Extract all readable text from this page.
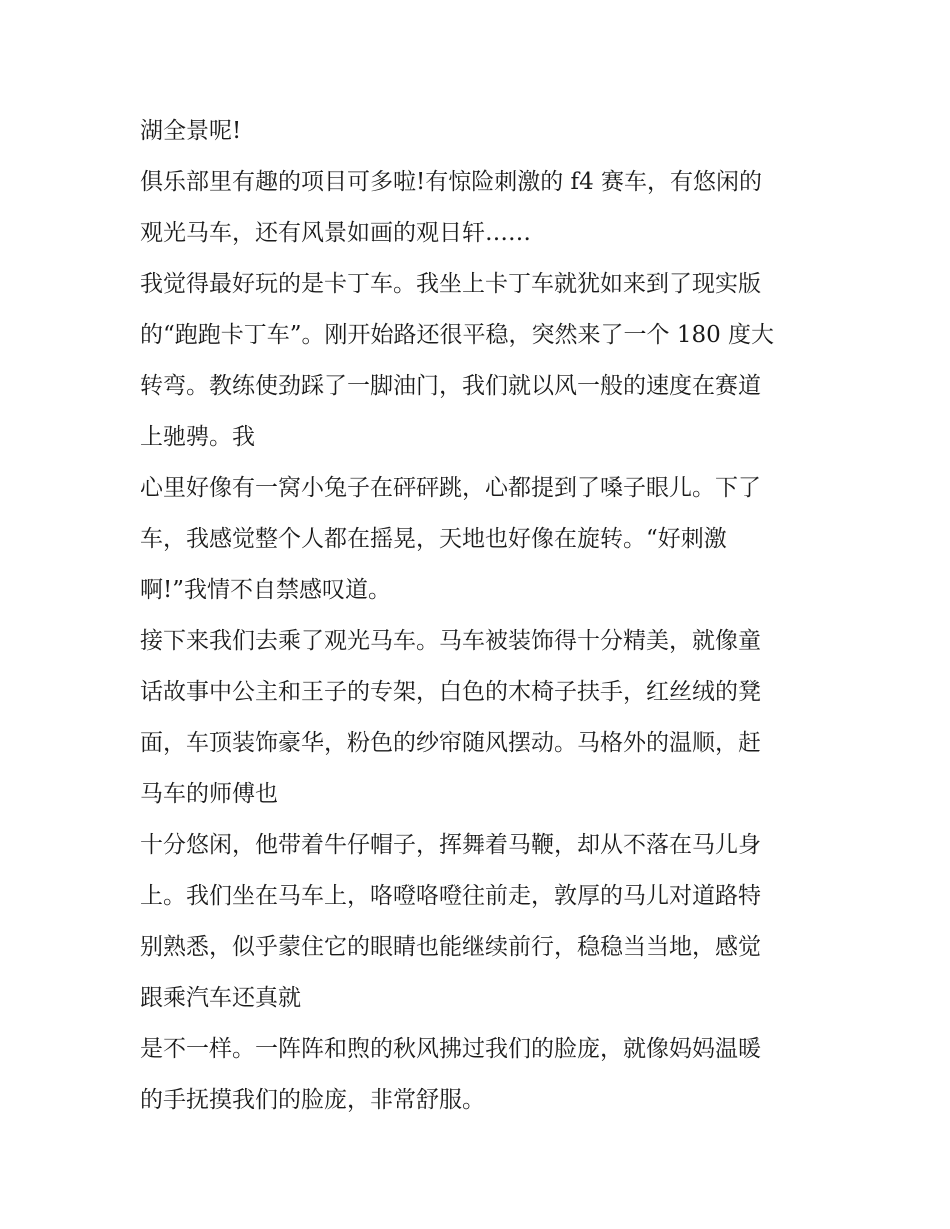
湖全景呢!
俱乐部里有趣的项目可多啦!有惊险刺激的 f4 赛车，有悠闲的
观光马车，还有风景如画的观日轩……
我觉得最好玩的是卡丁车。我坐上卡丁车就犹如来到了现实版
的“跑跑卡丁车”。刚开始路还很平稳，突然来了一个 180 度大
转弯。教练使劲踩了一脚油门，我们就以风一般的速度在赛道
上驰骋。我
心里好像有一窝小兔子在砰砰跳，心都提到了嗓子眼儿。下了
车，我感觉整个人都在摇晃，天地也好像在旋转。“好刺激
啊!”我情不自禁感叹道。
接下来我们去乘了观光马车。马车被装饰得十分精美，就像童
话故事中公主和王子的专架，白色的木椅子扶手，红丝绒的凳
面，车顶装饰豪华，粉色的纱帘随风摆动。马格外的温顺，赶
马车的师傅也
十分悠闲，他带着牛仔帽子，挥舞着马鞭，却从不落在马儿身
上。我们坐在马车上，咯噔咯噔往前走，敦厚的马儿对道路特
别熟悉，似乎蒙住它的眼睛也能继续前行，稳稳当当地，感觉
跟乘汽车还真就
是不一样。一阵阵和煦的秋风拂过我们的脸庞，就像妈妈温暖
的手抚摸我们的脸庞，非常舒服。
